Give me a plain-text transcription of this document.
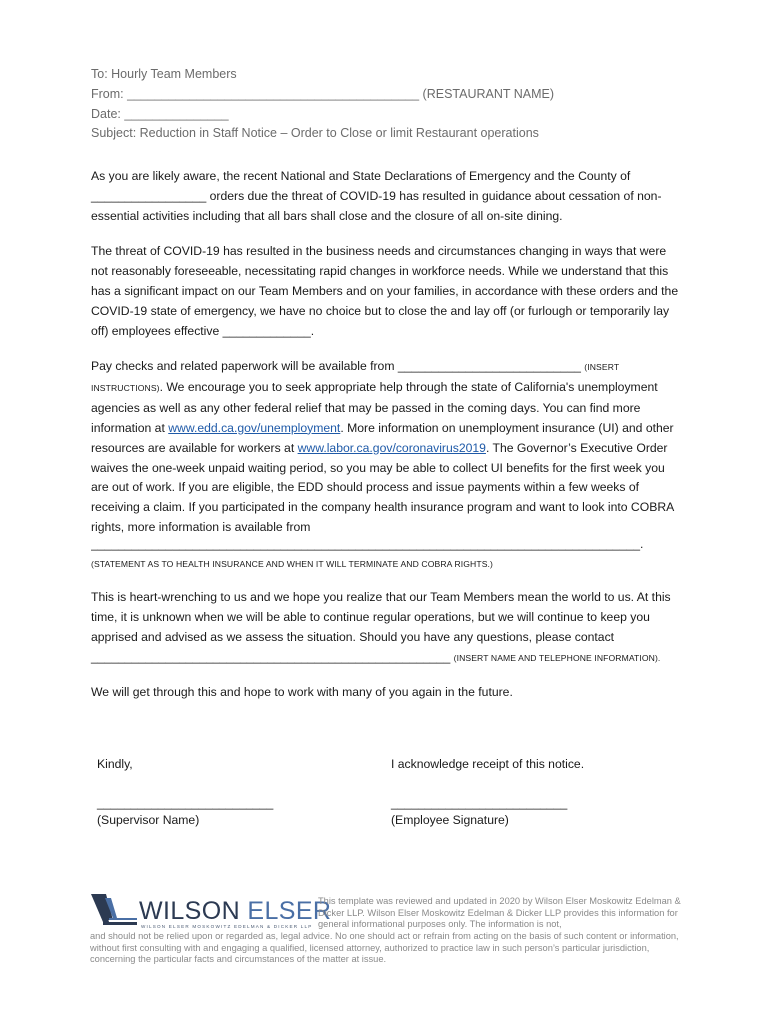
To: Hourly Team Members
From: __________________________________________ (RESTAURANT NAME)
Date: _______________
Subject: Reduction in Staff Notice – Order to Close or limit Restaurant operations
As you are likely aware, the recent National and State Declarations of Emergency and the County of _________________ orders due the threat of COVID-19 has resulted in guidance about cessation of non-essential activities including that all bars shall close and the closure of all on-site dining.
The threat of COVID-19 has resulted in the business needs and circumstances changing in ways that were not reasonably foreseeable, necessitating rapid changes in workforce needs. While we understand that this has a significant impact on our Team Members and on your families, in accordance with these orders and the COVID-19 state of emergency, we have no choice but to close the and lay off (or furlough or temporarily lay off) employees effective _____________.
Pay checks and related paperwork will be available from ___________________________ (INSERT INSTRUCTIONS). We encourage you to seek appropriate help through the state of California's unemployment agencies as well as any other federal relief that may be passed in the coming days. You can find more information at www.edd.ca.gov/unemployment. More information on unemployment insurance (UI) and other resources are available for workers at www.labor.ca.gov/coronavirus2019. The Governor’s Executive Order waives the one-week unpaid waiting period, so you may be able to collect UI benefits for the first week you are out of work. If you are eligible, the EDD should process and issue payments within a few weeks of receiving a claim. If you participated in the company health insurance program and want to look into COBRA rights, more information is available from
_________________________________________________________________________________.
(STATEMENT AS TO HEALTH INSURANCE AND WHEN IT WILL TERMINATE AND COBRA RIGHTS.)
This is heart-wrenching to us and we hope you realize that our Team Members mean the world to us. At this time, it is unknown when we will be able to continue regular operations, but we will continue to keep you apprised and advised as we assess the situation. Should you have any questions, please contact
_____________________________________________________ (INSERT NAME AND TELEPHONE INFORMATION).
We will get through this and hope to work with many of you again in the future.
Kindly,	I acknowledge receipt of this notice.
__________________________	__________________________
(Supervisor Name)	(Employee Signature)
WILSON ELSER
WILSON ELSER MOSKOWITZ EDELMAN & DICKER LLP
This template was reviewed and updated in 2020 by Wilson Elser Moskowitz Edelman & Dicker LLP. Wilson Elser Moskowitz Edelman & Dicker LLP provides this information for general informational purposes only. The information is not,
and should not be relied upon or regarded as, legal advice. No one should act or refrain from acting on the basis of such content or information, without first consulting with and engaging a qualified, licensed attorney, authorized to practice law in such person’s particular jurisdiction, concerning the particular facts and circumstances of the matter at issue.
